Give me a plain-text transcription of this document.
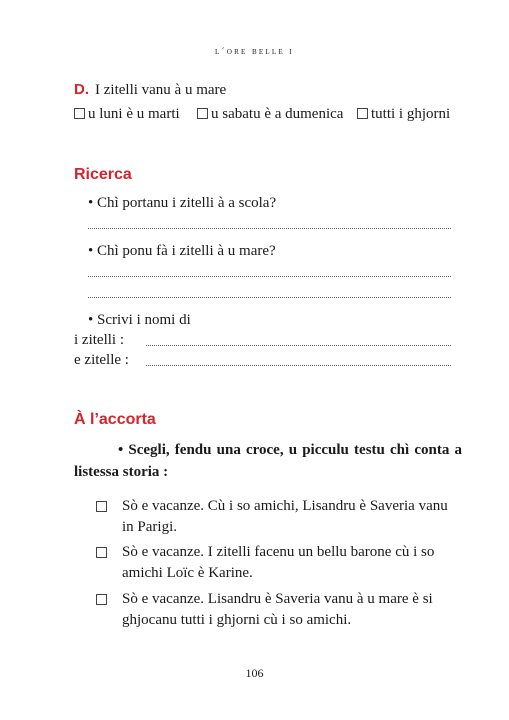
l´ore belle i
D. I zitelli vanu à u mare
u luni è u marti	u sabatu è a dumenica	tutti i ghjorni
Ricerca
• Chì portanu i zitelli à a scola?
• Chì ponu fà i zitelli à u mare?
• Scrivi i nomi di
i zitelli :
e zitelle :
À l’accorta
• Scegli, fendu una croce, u picculu testu chì conta a listessa storia :
Sò e vacanze. Cù i so amichi, Lisandru è Saveria vanu in Parigi.
Sò e vacanze. I zitelli facenu un bellu barone cù i so amichi Loïc è Karine.
Sò e vacanze. Lisandru è Saveria vanu à u mare è si ghjocanu tutti i ghjorni cù i so amichi.
106
